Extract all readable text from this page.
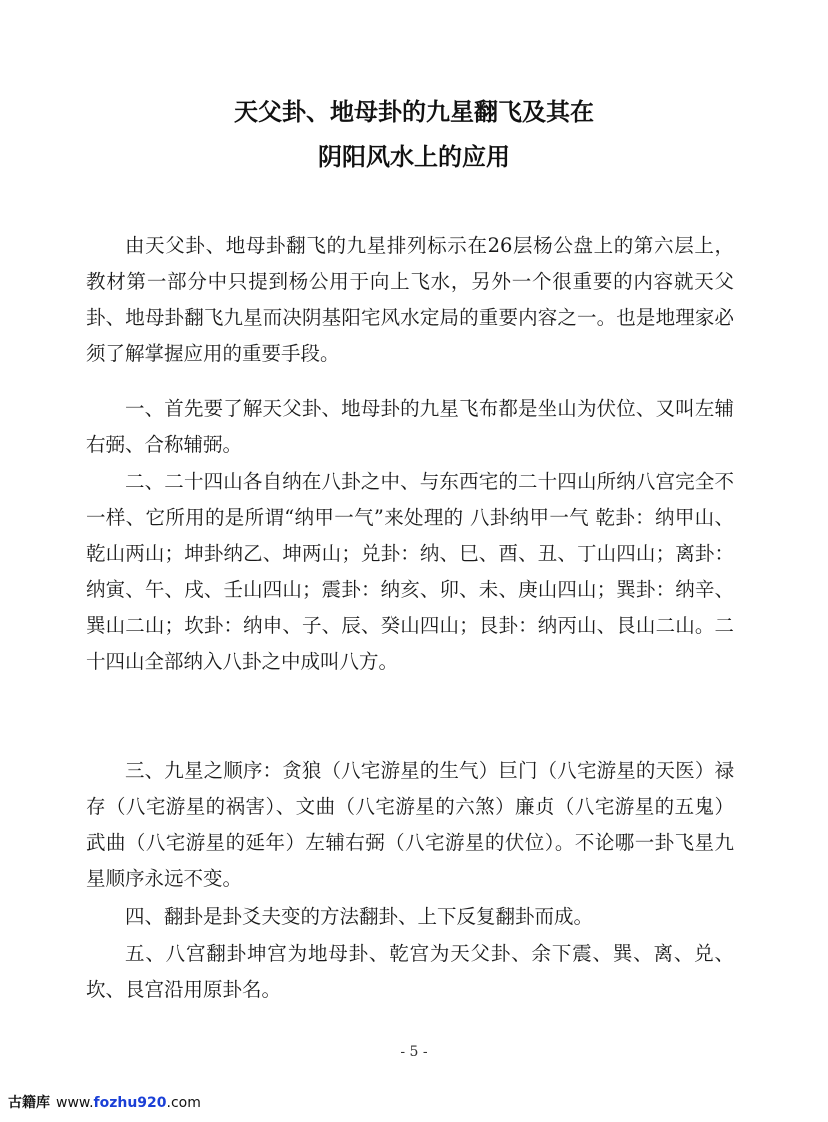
天父卦、地母卦的九星翻飞及其在
阴阳风水上的应用

由天父卦、地母卦翻飞的九星排列标示在26层杨公盘上的第六层上，教材第一部分中只提到杨公用于向上飞水，另外一个很重要的内容就天父卦、地母卦翻飞九星而决阴基阳宅风水定局的重要内容之一。也是地理家必须了解掌握应用的重要手段。

一、首先要了解天父卦、地母卦的九星飞布都是坐山为伏位、又叫左辅右弼、合称辅弼。

二、二十四山各自纳在八卦之中、与东西宅的二十四山所纳八宫完全不一样、它所用的是所谓“纳甲一气”来处理的 八卦纳甲一气 乾卦：纳甲山、乾山两山；坤卦纳乙、坤两山；兑卦：纳、巳、酉、丑、丁山四山；离卦：纳寅、午、戌、壬山四山；震卦：纳亥、卯、未、庚山四山；巽卦：纳辛、巽山二山；坎卦：纳申、子、辰、癸山四山；艮卦：纳丙山、艮山二山。二十四山全部纳入八卦之中成叫八方。

三、九星之顺序：贪狼（八宅游星的生气）巨门（八宅游星的天医）禄存（八宅游星的祸害）、文曲（八宅游星的六煞）廉贞（八宅游星的五鬼）武曲（八宅游星的延年）左辅右弼（八宅游星的伏位）。不论哪一卦飞星九星顺序永远不变。

四、翻卦是卦爻夫变的方法翻卦、上下反复翻卦而成。

五、八宫翻卦坤宫为地母卦、乾宫为天父卦、余下震、巽、离、兑、坎、艮宫沿用原卦名。

- 5 -
古籍库 www.fozhu920.com
